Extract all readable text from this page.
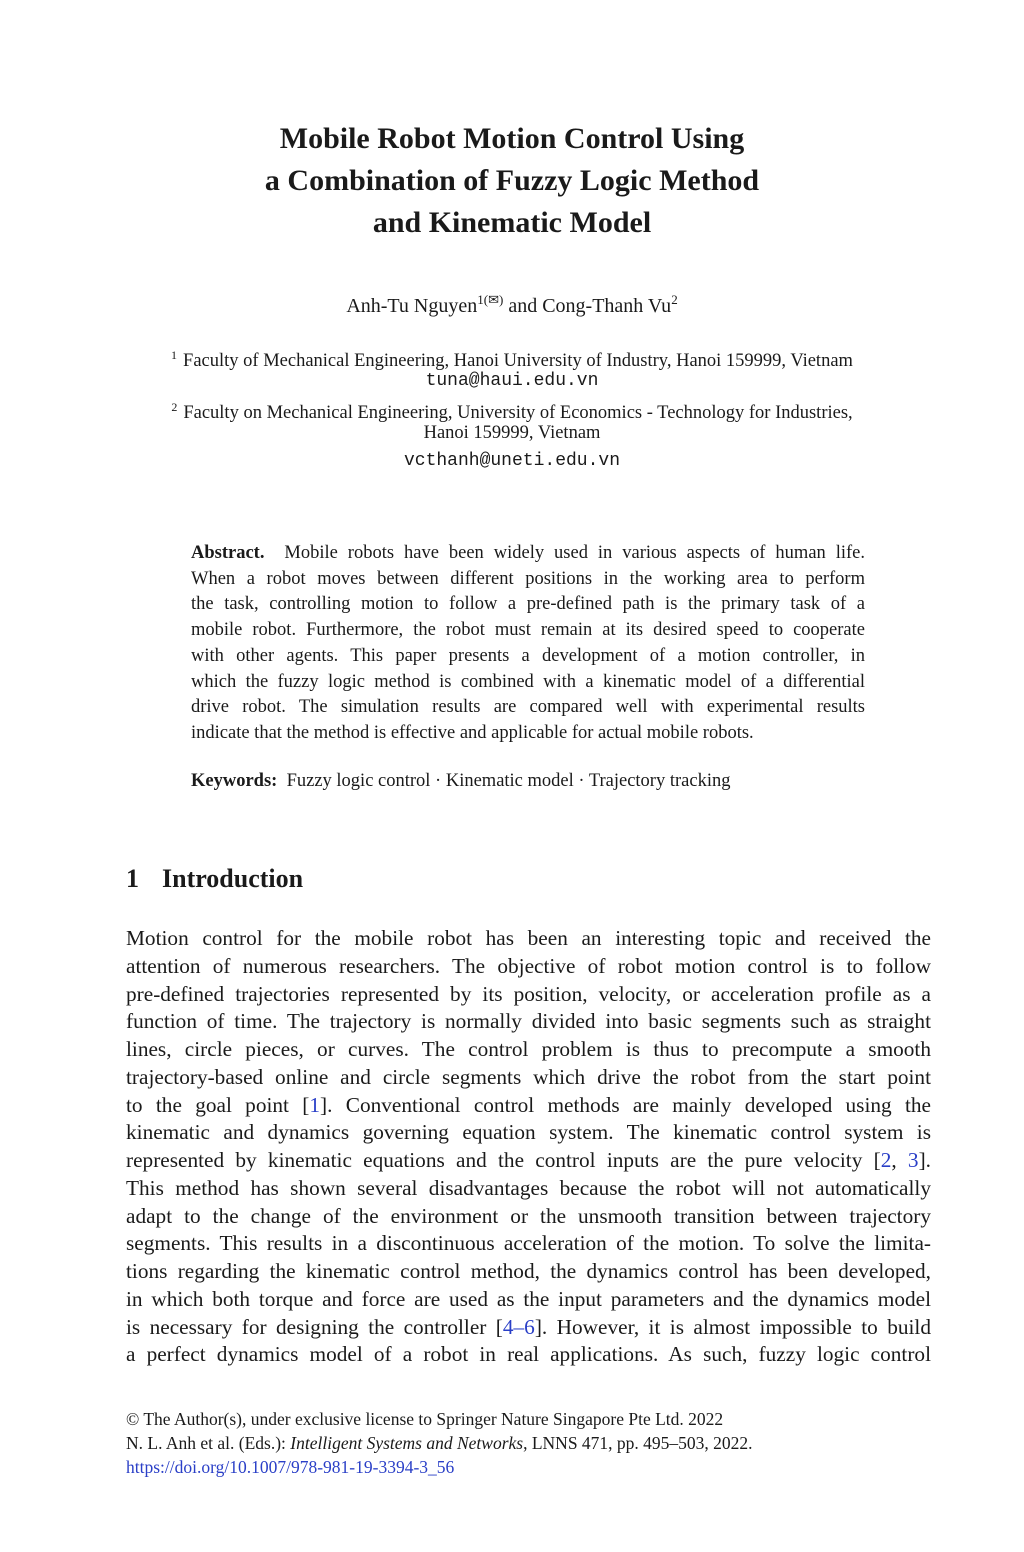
Mobile Robot Motion Control Using
a Combination of Fuzzy Logic Method
and Kinematic Model
Anh-Tu Nguyen$^{1(✉)}$ and Cong-Thanh Vu$^2$
$^1$ Faculty of Mechanical Engineering, Hanoi University of Industry, Hanoi 159999, Vietnam
tuna@haui.edu.vn
$^2$ Faculty on Mechanical Engineering, University of Economics - Technology for Industries,
Hanoi 159999, Vietnam
vcthanh@uneti.edu.vn
Abstract. Mobile robots have been widely used in various aspects of human life.
When a robot moves between different positions in the working area to perform
the task, controlling motion to follow a pre-defined path is the primary task of a
mobile robot. Furthermore, the robot must remain at its desired speed to cooperate
with other agents. This paper presents a development of a motion controller, in
which the fuzzy logic method is combined with a kinematic model of a differential
drive robot. The simulation results are compared well with experimental results
indicate that the method is effective and applicable for actual mobile robots.
Keywords: Fuzzy logic control · Kinematic model · Trajectory tracking
1 Introduction
Motion control for the mobile robot has been an interesting topic and received the
attention of numerous researchers. The objective of robot motion control is to follow
pre-defined trajectories represented by its position, velocity, or acceleration profile as a
function of time. The trajectory is normally divided into basic segments such as straight
lines, circle pieces, or curves. The control problem is thus to precompute a smooth
trajectory-based online and circle segments which drive the robot from the start point
to the goal point [1]. Conventional control methods are mainly developed using the
kinematic and dynamics governing equation system. The kinematic control system is
represented by kinematic equations and the control inputs are the pure velocity [2, 3].
This method has shown several disadvantages because the robot will not automatically
adapt to the change of the environment or the unsmooth transition between trajectory
segments. This results in a discontinuous acceleration of the motion. To solve the limita-
tions regarding the kinematic control method, the dynamics control has been developed,
in which both torque and force are used as the input parameters and the dynamics model
is necessary for designing the controller [4–6]. However, it is almost impossible to build
a perfect dynamics model of a robot in real applications. As such, fuzzy logic control
© The Author(s), under exclusive license to Springer Nature Singapore Pte Ltd. 2022
N. L. Anh et al. (Eds.): Intelligent Systems and Networks, LNNS 471, pp. 495–503, 2022.
https://doi.org/10.1007/978-981-19-3394-3_56
